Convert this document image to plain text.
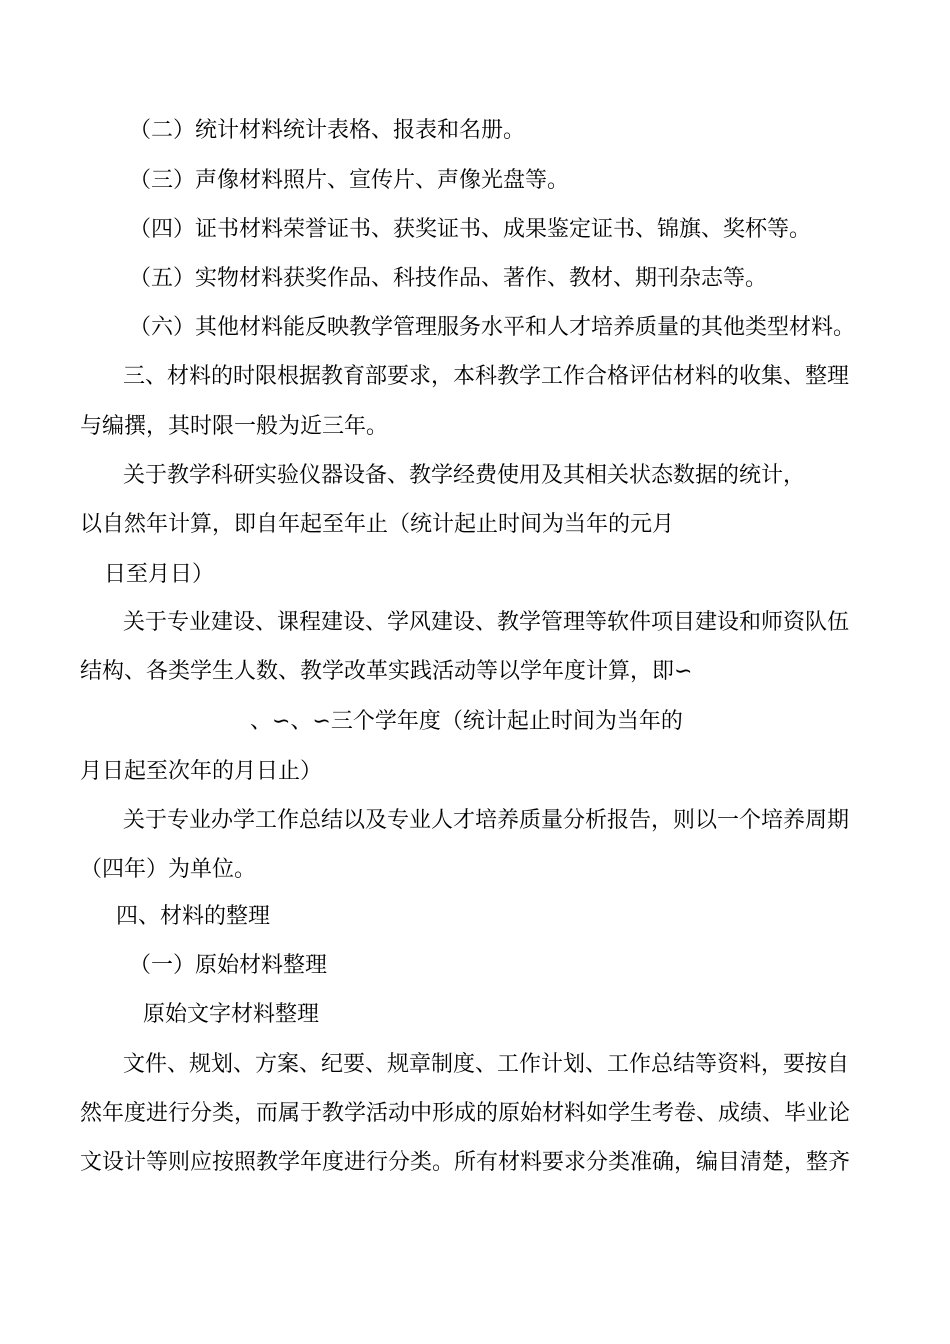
（二）统计材料统计表格、报表和名册。
（三）声像材料照片、宣传片、声像光盘等。
（四）证书材料荣誉证书、获奖证书、成果鉴定证书、锦旗、奖杯等。
（五）实物材料获奖作品、科技作品、著作、教材、期刊杂志等。
（六）其他材料能反映教学管理服务水平和人才培养质量的其他类型材料。
三、材料的时限根据教育部要求，本科教学工作合格评估材料的收集、整理
与编撰，其时限一般为近三年。
关于教学科研实验仪器设备、教学经费使用及其相关状态数据的统计，
以自然年计算，即自年起至年止（统计起止时间为当年的元月
日至月日）
关于专业建设、课程建设、学风建设、教学管理等软件项目建设和师资队伍
结构、各类学生人数、教学改革实践活动等以学年度计算，即∽
、∽、∽三个学年度（统计起止时间为当年的
月日起至次年的月日止）
关于专业办学工作总结以及专业人才培养质量分析报告，则以一个培养周期
（四年）为单位。
四、材料的整理
（一）原始材料整理
原始文字材料整理
文件、规划、方案、纪要、规章制度、工作计划、工作总结等资料，要按自
然年度进行分类，而属于教学活动中形成的原始材料如学生考卷、成绩、毕业论
文设计等则应按照教学年度进行分类。所有材料要求分类准确，编目清楚，整齐
